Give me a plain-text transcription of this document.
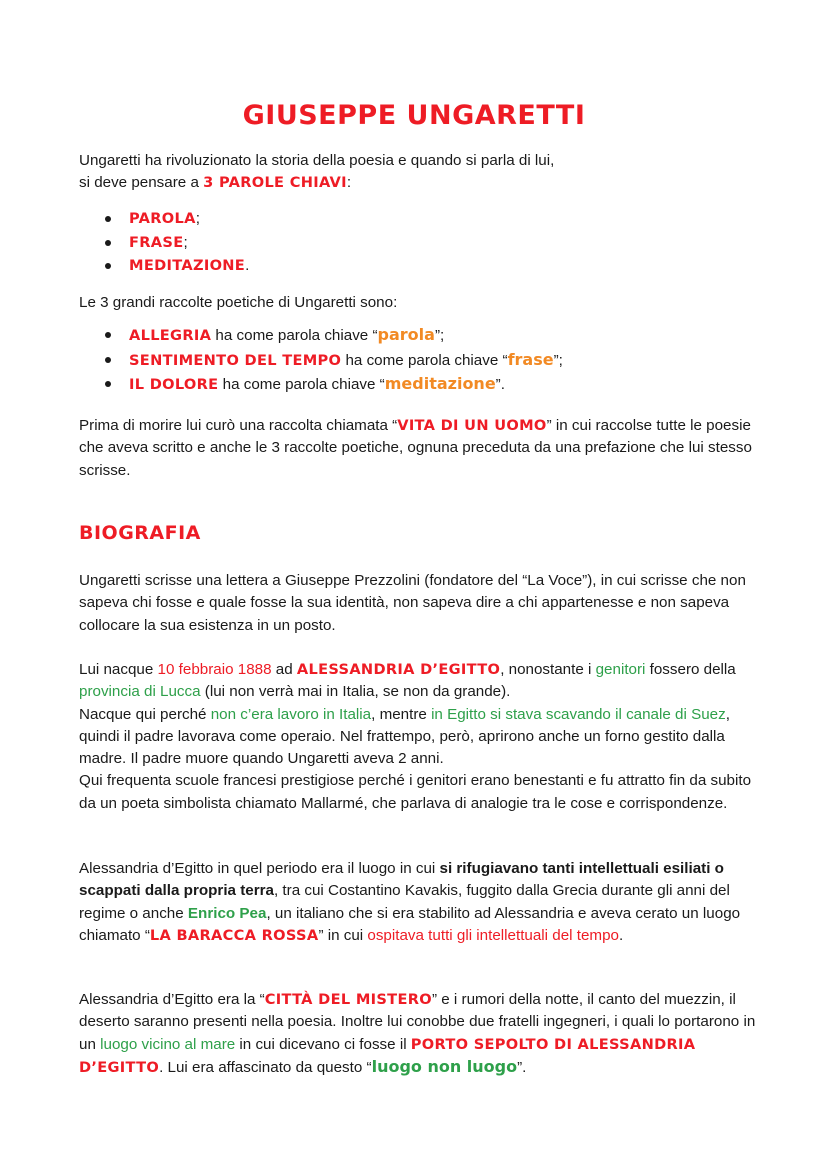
GIUSEPPE UNGARETTI

Ungaretti ha rivoluzionato la storia della poesia e quando si parla di lui,
si deve pensare a 3 PAROLE CHIAVI:

PAROLA;
FRASE;
MEDITAZIONE.

Le 3 grandi raccolte poetiche di Ungaretti sono:

ALLEGRIA ha come parola chiave “parola”;
SENTIMENTO DEL TEMPO ha come parola chiave “frase”;
IL DOLORE ha come parola chiave “meditazione”.

Prima di morire lui curò una raccolta chiamata “VITA DI UN UOMO” in cui raccolse tutte le poesie che aveva scritto e anche le 3 raccolte poetiche, ognuna preceduta da una prefazione che lui stesso scrisse.

BIOGRAFIA

Ungaretti scrisse una lettera a Giuseppe Prezzolini (fondatore del “La Voce”), in cui scrisse che non sapeva chi fosse e quale fosse la sua identità, non sapeva dire a chi appartenesse e non sapeva collocare la sua esistenza in un posto.

Lui nacque 10 febbraio 1888 ad ALESSANDRIA D’EGITTO, nonostante i genitori fossero della provincia di Lucca (lui non verrà mai in Italia, se non da grande).
Nacque qui perché non c’era lavoro in Italia, mentre in Egitto si stava scavando il canale di Suez, quindi il padre lavorava come operaio. Nel frattempo, però, aprirono anche un forno gestito dalla madre. Il padre muore quando Ungaretti aveva 2 anni.
Qui frequenta scuole francesi prestigiose perché i genitori erano benestanti e fu attratto fin da subito da un poeta simbolista chiamato Mallarmé, che parlava di analogie tra le cose e corrispondenze.

Alessandria d’Egitto in quel periodo era il luogo in cui si rifugiavano tanti intellettuali esiliati o scappati dalla propria terra, tra cui Costantino Kavakis, fuggito dalla Grecia durante gli anni del regime o anche Enrico Pea, un italiano che si era stabilito ad Alessandria e aveva cerato un luogo chiamato “LA BARACCA ROSSA” in cui ospitava tutti gli intellettuali del tempo.

Alessandria d’Egitto era la “CITTÀ DEL MISTERO” e i rumori della notte, il canto del muezzin, il deserto saranno presenti nella poesia. Inoltre lui conobbe due fratelli ingegneri, i quali lo portarono in un luogo vicino al mare in cui dicevano ci fosse il PORTO SEPOLTO DI ALESSANDRIA D’EGITTO. Lui era affascinato da questo “luogo non luogo”.
